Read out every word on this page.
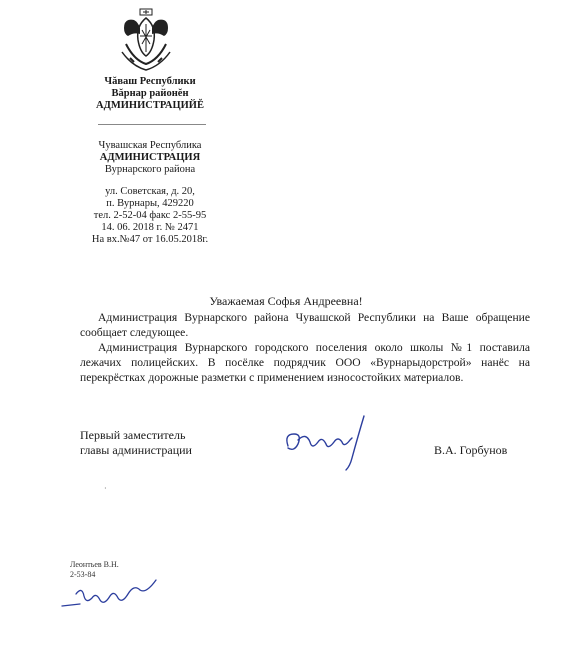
Чăваш Республики
Вăрнар районĕн
АДМИНИСТРАЦИЙĔ
Чувашская Республика
АДМИНИСТРАЦИЯ
Вурнарского района
ул. Советская, д. 20,
п. Вурнары, 429220
тел. 2-52-04 факс 2-55-95
14. 06. 2018 г. № 2471
На вх.№47 от 16.05.2018г.
Уважаемая Софья Андреевна!
Администрация Вурнарского района Чувашской Республики на Ваше обращение сообщает следующее.
Администрация Вурнарского городского поселения около школы №1 поставила лежачих полицейских. В посёлке подрядчик ООО «Вурнарыдорстрой» нанёс на перекрёстках дорожные разметки с применением износостойких материалов.
Первый заместитель
главы администрации	В.А. Горбунов
·
Леонтьев В.Н.
2-53-84
